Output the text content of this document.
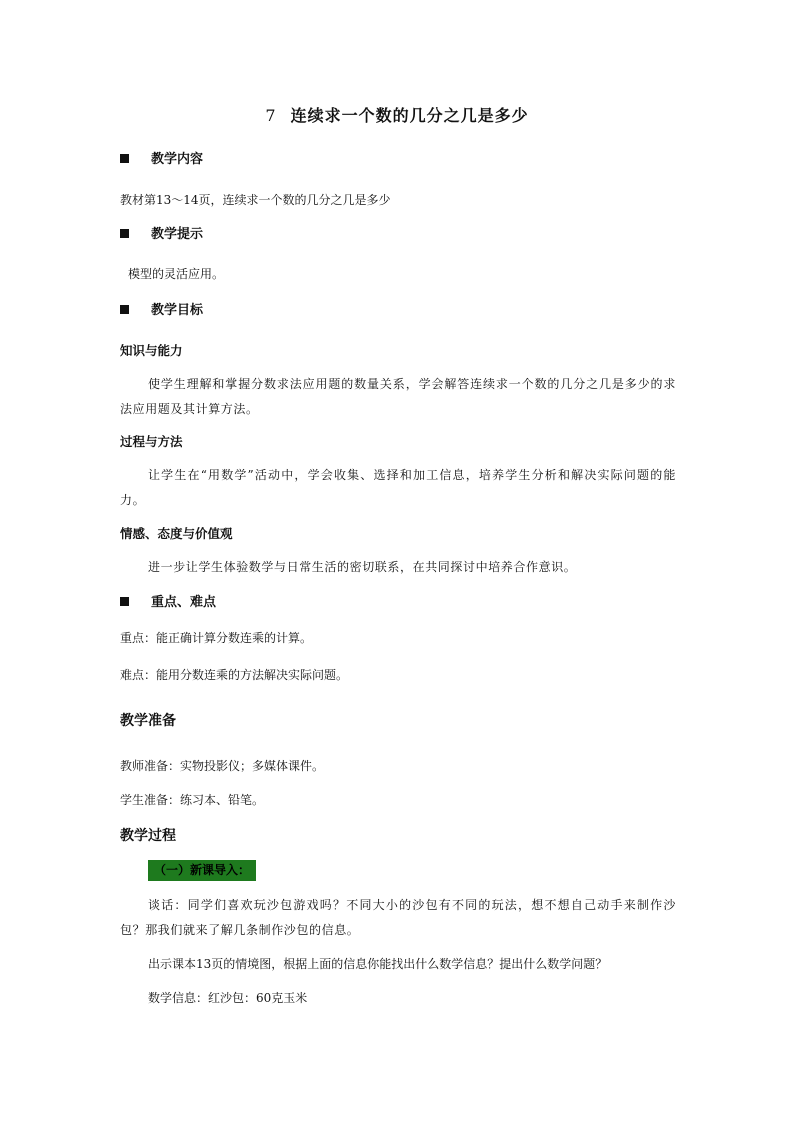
7 连续求一个数的几分之几是多少
教学内容
教材第13～14页，连续求一个数的几分之几是多少
教学提示
模型的灵活应用。
教学目标
知识与能力
使学生理解和掌握分数求法应用题的数量关系，学会解答连续求一个数的几分之几是多少的求法应用题及其计算方法。
过程与方法
让学生在“用数学”活动中，学会收集、选择和加工信息，培养学生分析和解决实际问题的能力。
情感、态度与价值观
进一步让学生体验数学与日常生活的密切联系，在共同探讨中培养合作意识。
重点、难点
重点：能正确计算分数连乘的计算。
难点：能用分数连乘的方法解决实际问题。
教学准备
教师准备：实物投影仪；多媒体课件。
学生准备：练习本、铅笔。
教学过程
（一）新课导入：
谈话：同学们喜欢玩沙包游戏吗？不同大小的沙包有不同的玩法，想不想自己动手来制作沙包？那我们就来了解几条制作沙包的信息。
出示课本13页的情境图，根据上面的信息你能找出什么数学信息？提出什么数学问题？
数学信息：红沙包：60克玉米
